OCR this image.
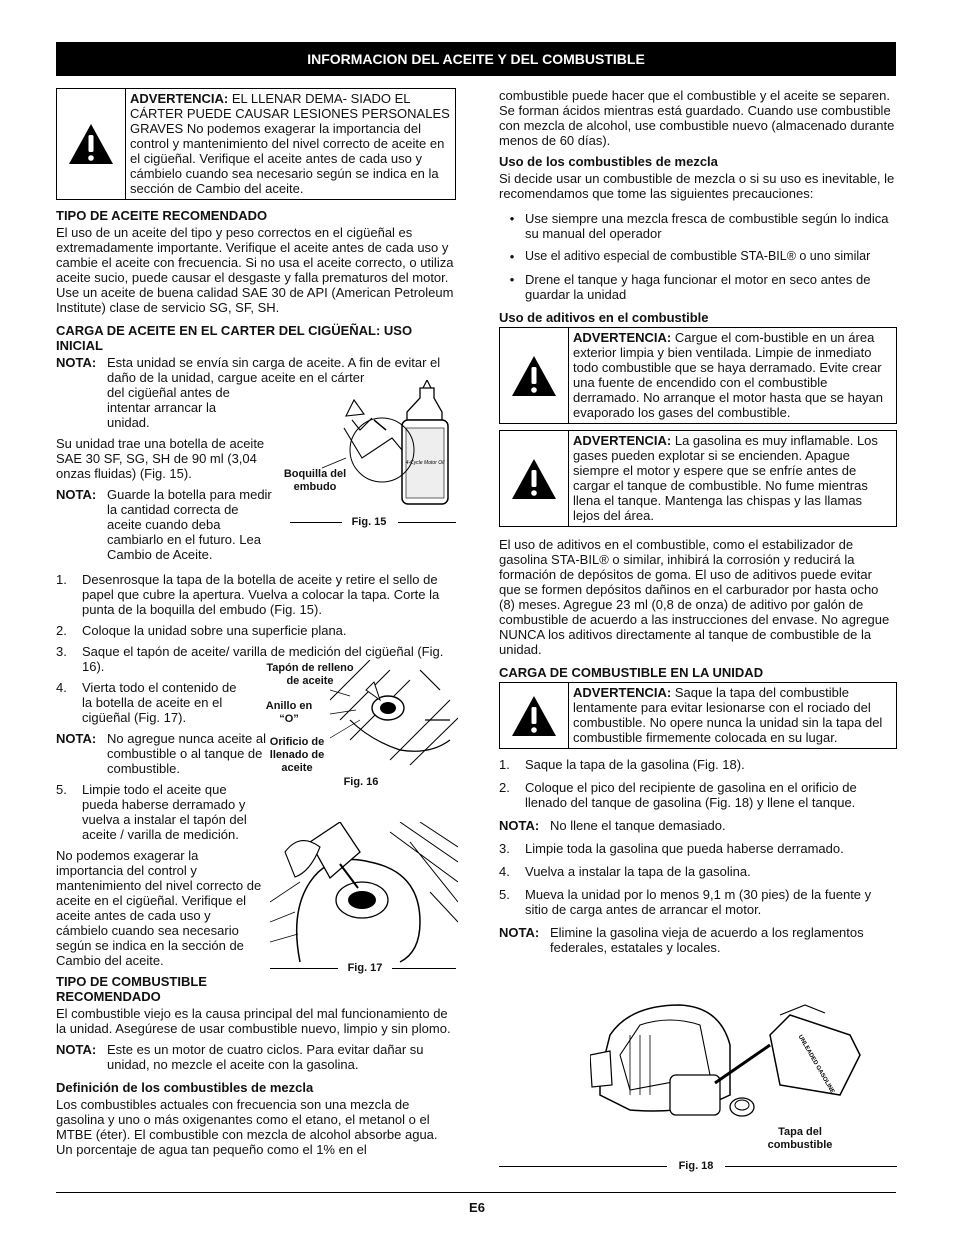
INFORMACION DEL ACEITE Y DEL COMBUSTIBLE
ADVERTENCIA: EL LLENAR DEMA- SIADO EL CÁRTER PUEDE CAUSAR LESIONES PERSONALES GRAVES No podemos exagerar la importancia del control y mantenimiento del nivel correcto de aceite en el cigüeñal. Verifique el aceite antes de cada uso y cámbielo cuando sea necesario según se indica en la sección de Cambio del aceite.
TIPO DE ACEITE RECOMENDADO

El uso de un aceite del tipo y peso correctos en el cigüeñal es extremadamente importante. Verifique el aceite antes de cada uso y cambie el aceite con frecuencia. Si no usa el aceite correcto, o utiliza aceite sucio, puede causar el desgaste y falla prematuros del motor. Use un aceite de buena calidad SAE 30 de API (American Petroleum Institute) clase de servicio SG, SF, SH.

CARGA DE ACEITE EN EL CARTER DEL CIGÜEÑAL: USO INICIAL
NOTA: Esta unidad se envía sin carga de aceite. A fin de evitar el daño de la unidad, cargue aceite en el cárter
del cigüeñal antes de intentar arrancar la unidad.

Su unidad trae una botella de aceite SAE 30 SF, SG, SH de 90 ml (3,04 onzas fluidas) (Fig. 15).

NOTA: Guarde la botella para medir la cantidad correcta de aceite cuando deba cambiarlo en el futuro. Lea Cambio de Aceite.
1.	Desenrosque la tapa de la botella de aceite y retire el sello de papel que cubre la apertura. Vuelva a colocar la tapa. Corte la punta de la boquilla del embudo (Fig. 15).
2.	Coloque la unidad sobre una superficie plana.
3.	Saque el tapón de aceite/ varilla de medición del cigüeñal (Fig. 16).
4.	Vierta todo el contenido de la botella de aceite en el cigüeñal (Fig. 17).
NOTA: No agregue nunca aceite al combustible o al tanque de combustible.
5.	Limpie todo el aceite que pueda haberse derramado y vuelva a instalar el tapón del aceite / varilla de medición.

No podemos exagerar la importancia del control y mantenimiento del nivel correcto de aceite en el cigüeñal. Verifique el aceite antes de cada uso y cámbielo cuando sea necesario según se indica en la sección de Cambio del aceite.

TIPO DE COMBUSTIBLE RECOMENDADO

El combustible viejo es la causa principal del mal funcionamiento de la unidad. Asegúrese de usar combustible nuevo, limpio y sin plomo.

NOTA: Este es un motor de cuatro ciclos. Para evitar dañar su unidad, no mezcle el aceite con la gasolina.
Definición de los combustibles de mezcla

Los combustibles actuales con frecuencia son una mezcla de gasolina y uno o más oxigenantes como el etano, el metanol o el MTBE (éter). El combustible con mezcla de alcohol absorbe agua. Un porcentaje de agua tan pequeño como el 1% en el

4-Cycle Motor Oil
Boquilla del embudo
Fig. 15
Tapón de relleno de aceite
Anillo en “O”
Orificio de llenado de aceite
Fig. 16
Fig. 17

combustible puede hacer que el combustible y el aceite se separen. Se forman ácidos mientras está guardado. Cuando use combustible con mezcla de alcohol, use combustible nuevo (almacenado durante menos de 60 días).

Uso de los combustibles de mezcla

Si decide usar un combustible de mezcla o si su uso es inevitable, le recomendamos que tome las siguientes precauciones:

• Use siempre una mezcla fresca de combustible según lo indica su manual del operador
• Use el aditivo especial de combustible STA-BIL® o uno similar
• Drene el tanque y haga funcionar el motor en seco antes de guardar la unidad
Uso de aditivos en el combustible
ADVERTENCIA: Cargue el com-bustible en un área exterior limpia y bien ventilada. Limpie de inmediato todo combustible que se haya derramado. Evite crear una fuente de encendido con el combustible derramado. No arranque el motor hasta que se hayan evaporado los gases del combustible.
ADVERTENCIA: La gasolina es muy inflamable. Los gases pueden explotar si se encienden. Apague siempre el motor y espere que se enfríe antes de cargar el tanque de combustible. No fume mientras llena el tanque. Mantenga las chispas y las llamas lejos del área.

El uso de aditivos en el combustible, como el estabilizador de gasolina STA-BIL® o similar, inhibirá la corrosión y reducirá la formación de depósitos de goma. El uso de aditivos puede evitar que se formen depósitos dañinos en el carburador por hasta ocho (8) meses. Agregue 23 ml (0,8 de onza) de aditivo por galón de combustible de acuerdo a las instrucciones del envase. No agregue NUNCA los aditivos directamente al tanque de combustible de la unidad.

CARGA DE COMBUSTIBLE EN LA UNIDAD
ADVERTENCIA: Saque la tapa del combustible lentamente para evitar lesionarse con el rociado del combustible. No opere nunca la unidad sin la tapa del combustible firmemente colocada en su lugar.
1.	Saque la tapa de la gasolina (Fig. 18).
2.	Coloque el pico del recipiente de gasolina en el orificio de llenado del tanque de gasolina (Fig. 18) y llene el tanque.
NOTA: No llene el tanque demasiado.
3.	Limpie toda la gasolina que pueda haberse derramado.
4.	Vuelva a instalar la tapa de la gasolina.
5.	Mueva la unidad por lo menos 9,1 m (30 pies) de la fuente y sitio de carga antes de arrancar el motor.
NOTA: Elimine la gasolina vieja de acuerdo a los reglamentos federales, estatales y locales.
UNLEADED GASOLINE
Tapa del combustible
Fig. 18
E6
